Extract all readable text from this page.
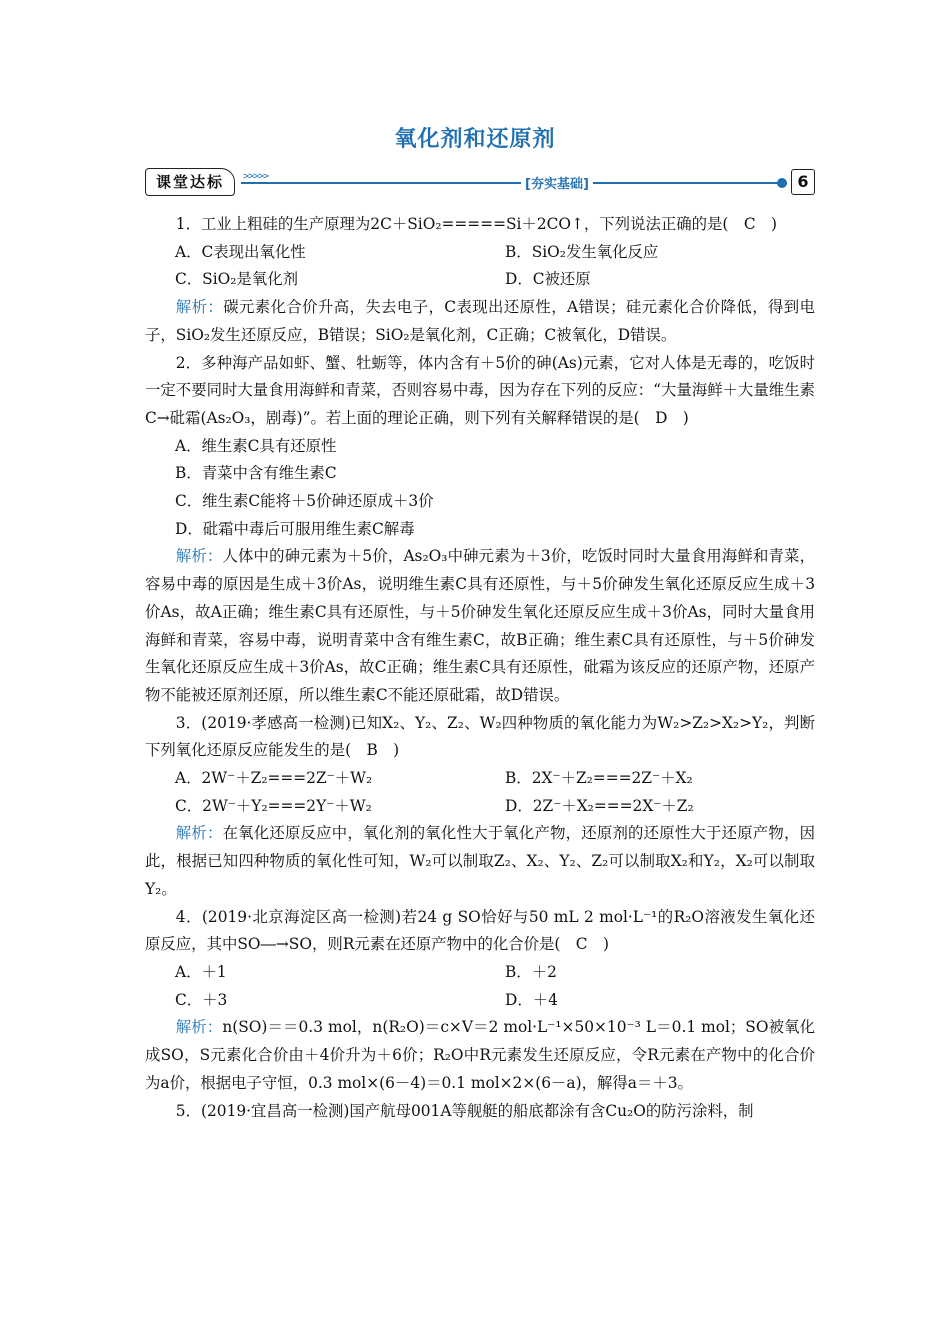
氧化剂和还原剂
课堂达标	>>>>>
[夯实基础]	6

1．工业上粗硅的生产原理为2C＋SiO₂=====Si＋2CO↑，下列说法正确的是(　C　)

A．C表现出氧化性	B．SiO₂发生氧化反应
C．SiO₂是氧化剂	D．C被还原

解析：碳元素化合价升高，失去电子，C表现出还原性，A错误；硅元素化合价降低，得到电子，SiO₂发生还原反应，B错误；SiO₂是氧化剂，C正确；C被氧化，D错误。

2．多种海产品如虾、蟹、牡蛎等，体内含有＋5价的砷(As)元素，它对人体是无毒的，吃饭时一定不要同时大量食用海鲜和青菜，否则容易中毒，因为存在下列的反应：“大量海鲜＋大量维生素C→砒霜(As₂O₃，剧毒)”。若上面的理论正确，则下列有关解释错误的是(　D　)

A．维生素C具有还原性

B．青菜中含有维生素C

C．维生素C能将＋5价砷还原成＋3价

D．砒霜中毒后可服用维生素C解毒

解析：人体中的砷元素为＋5价，As₂O₃中砷元素为＋3价，吃饭时同时大量食用海鲜和青菜，容易中毒的原因是生成＋3价As，说明维生素C具有还原性，与＋5价砷发生氧化还原反应生成＋3价As，故A正确；维生素C具有还原性，与＋5价砷发生氧化还原反应生成＋3价As，同时大量食用海鲜和青菜，容易中毒，说明青菜中含有维生素C，故B正确；维生素C具有还原性，与＋5价砷发生氧化还原反应生成＋3价As，故C正确；维生素C具有还原性，砒霜为该反应的还原产物，还原产物不能被还原剂还原，所以维生素C不能还原砒霜，故D错误。

3．(2019·孝感高一检测)已知X₂、Y₂、Z₂、W₂四种物质的氧化能力为W₂>Z₂>X₂>Y₂，判断下列氧化还原反应能发生的是(　B　)

A．2W⁻＋Z₂===2Z⁻＋W₂	B．2X⁻＋Z₂===2Z⁻＋X₂
C．2W⁻＋Y₂===2Y⁻＋W₂	D．2Z⁻＋X₂===2X⁻＋Z₂

解析：在氧化还原反应中，氧化剂的氧化性大于氧化产物，还原剂的还原性大于还原产物，因此，根据已知四种物质的氧化性可知，W₂可以制取Z₂、X₂、Y₂、Z₂可以制取X₂和Y₂，X₂可以制取Y₂。

4．(2019·北京海淀区高一检测)若24 g SO恰好与50 mL 2 mol·L⁻¹的R₂O溶液发生氧化还原反应，其中SO―→SO，则R元素在还原产物中的化合价是(　C　)

A．＋1	B．＋2
C．＋3	D．＋4

解析：n(SO)＝＝0.3 mol，n(R₂O)＝c×V＝2 mol·L⁻¹×50×10⁻³ L＝0.1 mol；SO被氧化成SO，S元素化合价由＋4价升为＋6价；R₂O中R元素发生还原反应，令R元素在产物中的化合价为a价，根据电子守恒，0.3 mol×(6－4)＝0.1 mol×2×(6－a)，解得a＝＋3。

5．(2019·宜昌高一检测)国产航母001A等舰艇的船底都涂有含Cu₂O的防污涂料，制
